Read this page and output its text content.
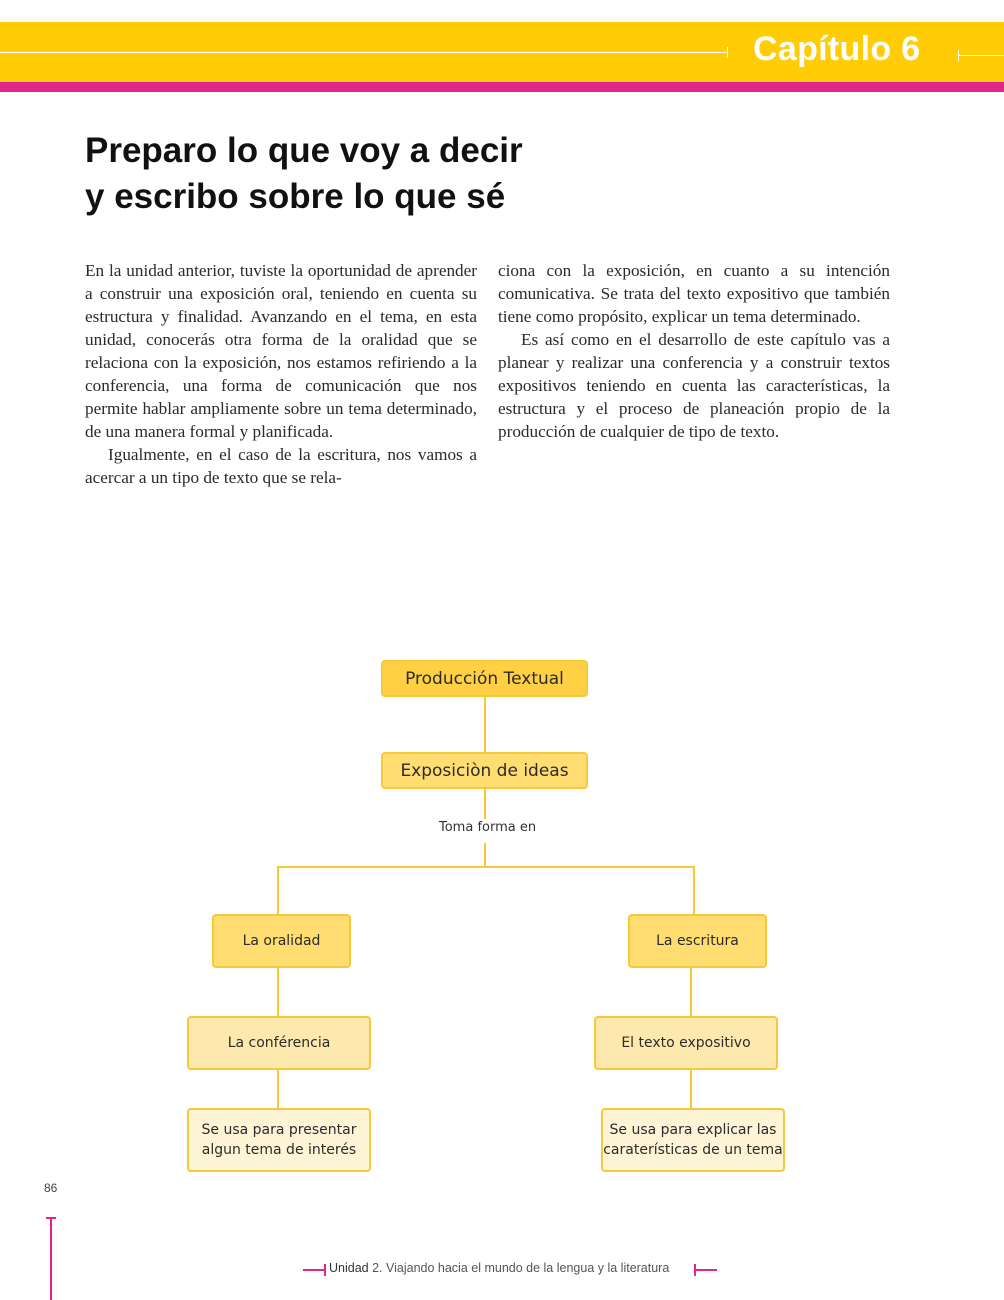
Capítulo 6
Preparo lo que voy a decir
y escribo sobre lo que sé

En la unidad anterior, tuviste la oportunidad de aprender a construir una exposición oral, teniendo en cuenta su estructura y finalidad. Avanzando en el tema, en esta unidad, conocerás otra forma de la oralidad que se relaciona con la exposición, nos estamos refiriendo a la conferencia, una forma de comunicación que nos permite hablar ampliamente sobre un tema determinado, de una manera formal y planificada.

Igualmente, en el caso de la escritura, nos vamos a acercar a un tipo de texto que se rela-

ciona con la exposición, en cuanto a su intención comunicativa. Se trata del texto expositivo que también tiene como propósito, explicar un tema determinado.

Es así como en el desarrollo de este capítulo vas a planear y realizar una conferencia y a construir textos expositivos teniendo en cuenta las características, la estructura y el proceso de planeación propio de la producción de cualquier de tipo de texto.

Producción Textual
Exposiciòn de ideas
Toma forma en
La oralidad	La escritura
La conférencia	El texto expositivo
Se usa para presentar
algun tema de interés
Se usa para explicar las
caraterísticas de un tema
86
Unidad 2. Viajando hacia el mundo de la lengua y la literatura
